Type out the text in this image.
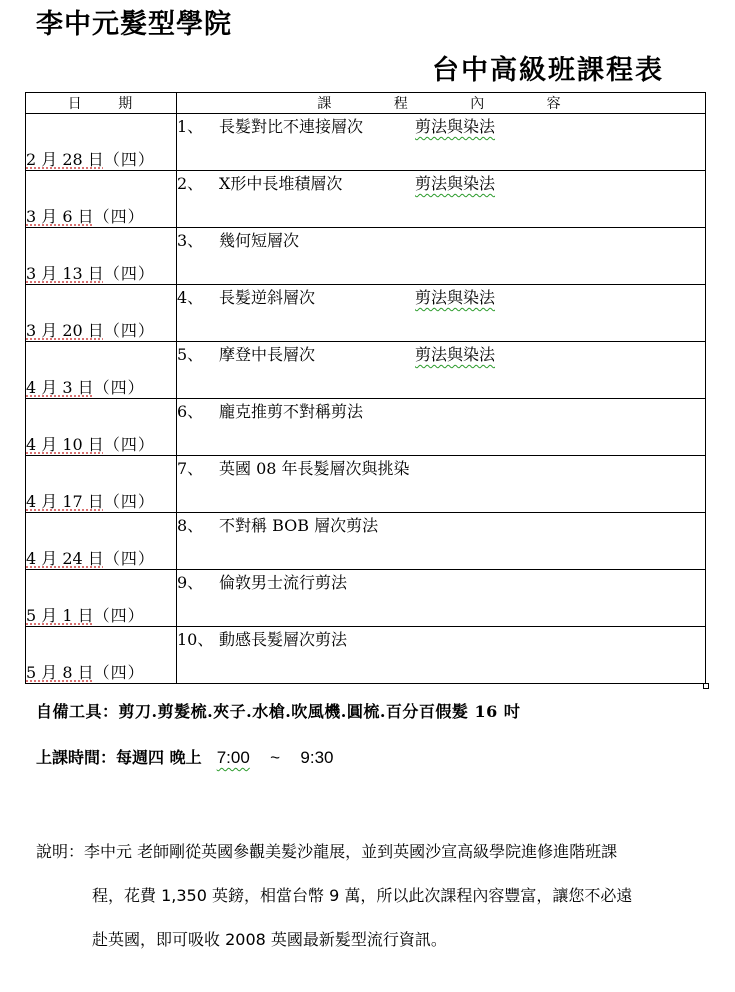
李中元髮型學院
台中高級班課程表
日 期	課 程 內 容
2 月 28 日（四）	1、 長髮對比不連接層次 剪法與染法
3 月 6 日（四）	2、 X形中長堆積層次 剪法與染法
3 月 13 日（四）	3、 幾何短層次
3 月 20 日（四）	4、 長髮逆斜層次 剪法與染法
4 月 3 日（四）	5、 摩登中長層次 剪法與染法
4 月 10 日（四）	6、 龐克推剪不對稱剪法
4 月 17 日（四）	7、 英國 08 年長髮層次與挑染
4 月 24 日（四）	8、 不對稱 BOB 層次剪法
5 月 1 日（四）	9、 倫敦男士流行剪法
5 月 8 日（四）	10、 動感長髮層次剪法
自備工具：剪刀.剪髮梳.夾子.水槍.吹風機.圓梳.百分百假髮 16 吋
上課時間：每週四 晚上 7:00 ~ 9:30
說明：李中元 老師剛從英國參觀美髮沙龍展，並到英國沙宣高級學院進修進階班課
程，花費 1,350 英鎊，相當台幣 9 萬，所以此次課程內容豐富，讓您不必遠
赴英國，即可吸收 2008 英國最新髮型流行資訊。
